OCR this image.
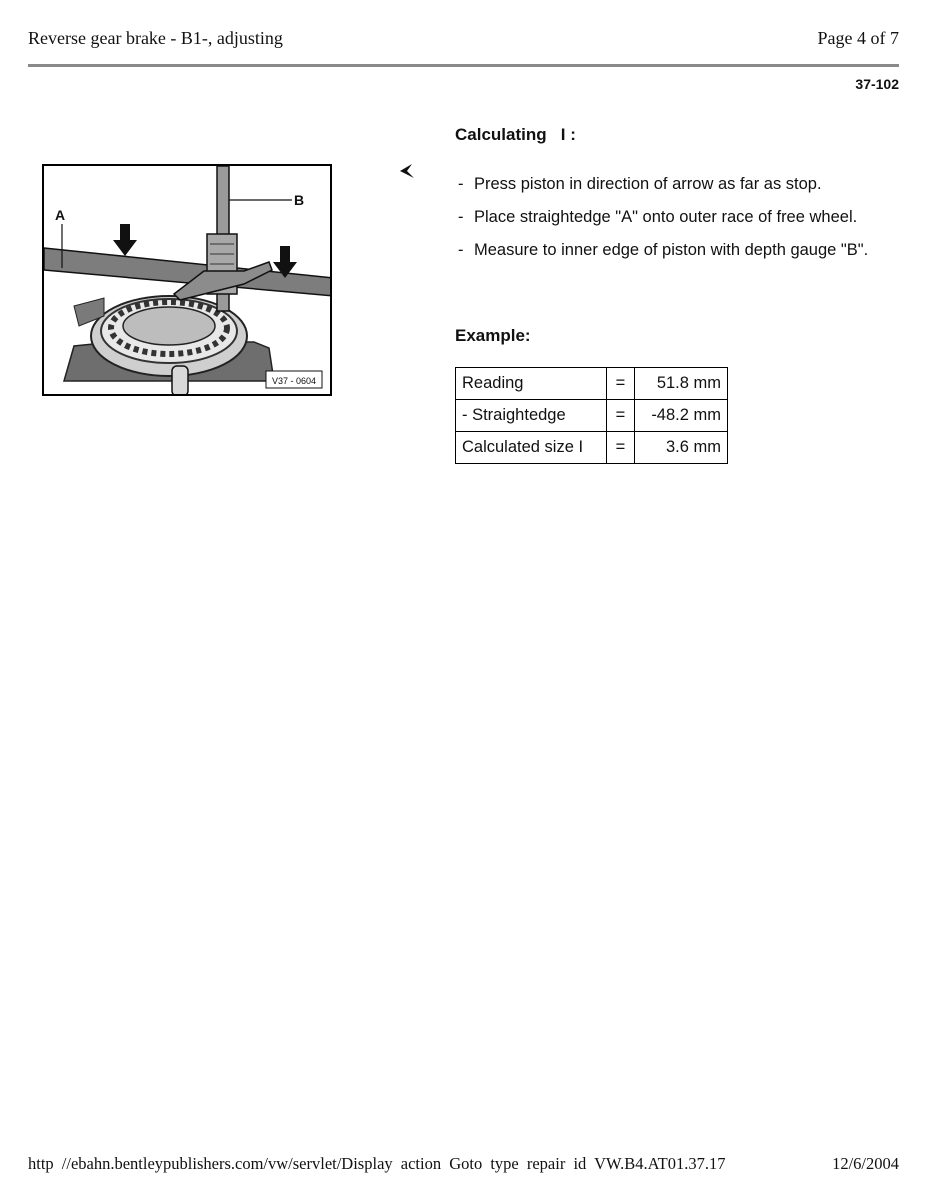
Reverse gear brake - B1-, adjusting	Page 4 of 7
37-102
A
B
V37 - 0604
Calculating   I :
- Press piston in direction of arrow as far as stop.
- Place straightedge "A" onto outer race of free wheel.
- Measure to inner edge of piston with depth gauge "B".
Example:
Reading	=	51.8 mm
- Straightedge	=	-48.2 mm
Calculated size I	=	3.6 mm
http //ebahn.bentleypublishers.com/vw/servlet/Display action Goto type repair id VW.B4.AT01.37.17	12/6/2004
